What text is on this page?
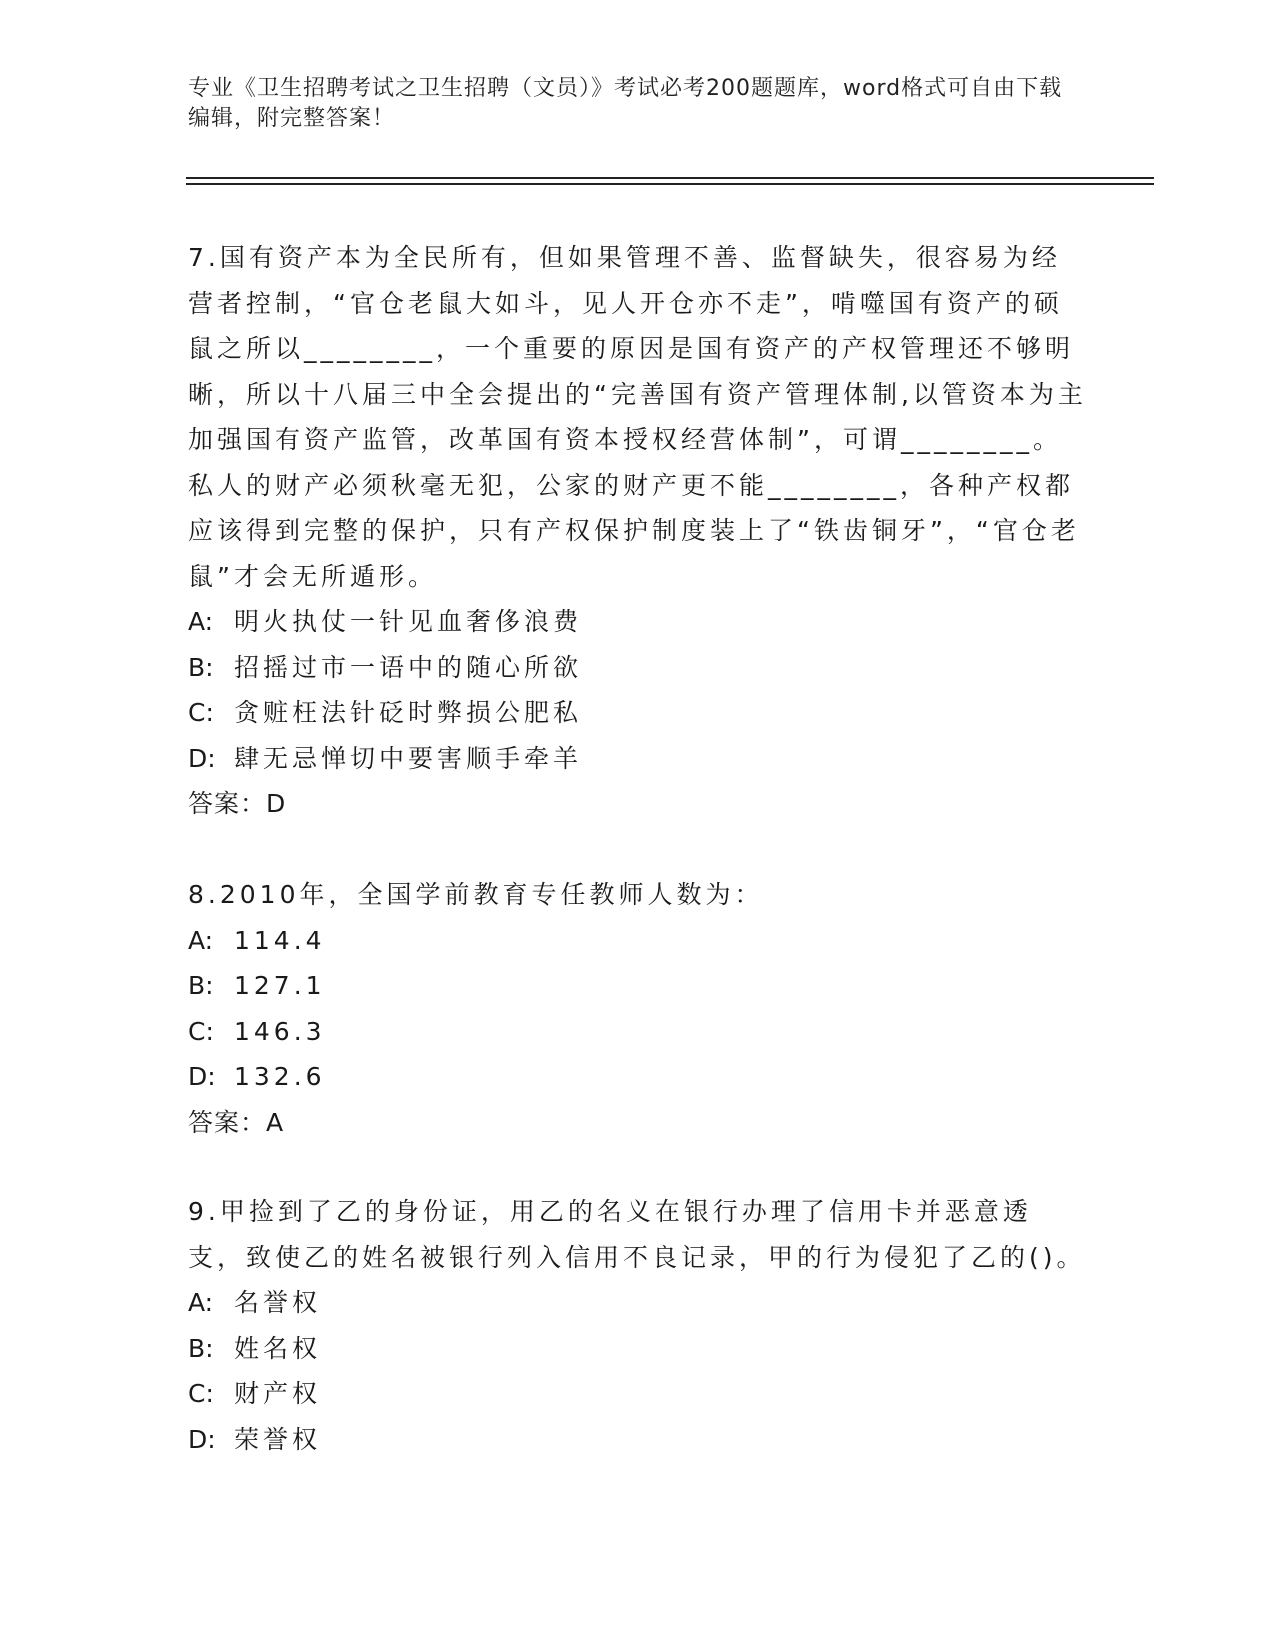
专业《卫生招聘考试之卫生招聘（文员）》考试必考200题题库，word格式可自由下载编辑，附完整答案！
7.国有资产本为全民所有，但如果管理不善、监督缺失，很容易为经营者控制，“官仓老鼠大如斗，见人开仓亦不走”，啃噬国有资产的硕鼠之所以________，一个重要的原因是国有资产的产权管理还不够明晰，所以十八届三中全会提出的“完善国有资产管理体制,以管资本为主加强国有资产监管，改革国有资本授权经营体制”，可谓________。私人的财产必须秋毫无犯，公家的财产更不能________，各种产权都应该得到完整的保护，只有产权保护制度装上了“铁齿铜牙”，“官仓老鼠”才会无所遁形。
A: 明火执仗一针见血奢侈浪费
B: 招摇过市一语中的随心所欲
C: 贪赃枉法针砭时弊损公肥私
D: 肆无忌惮切中要害顺手牵羊
答案：D
8.2010年，全国学前教育专任教师人数为：
A: 114.4
B: 127.1
C: 146.3
D: 132.6
答案：A
9.甲捡到了乙的身份证，用乙的名义在银行办理了信用卡并恶意透支，致使乙的姓名被银行列入信用不良记录，甲的行为侵犯了乙的()。
A: 名誉权
B: 姓名权
C: 财产权
D: 荣誉权
